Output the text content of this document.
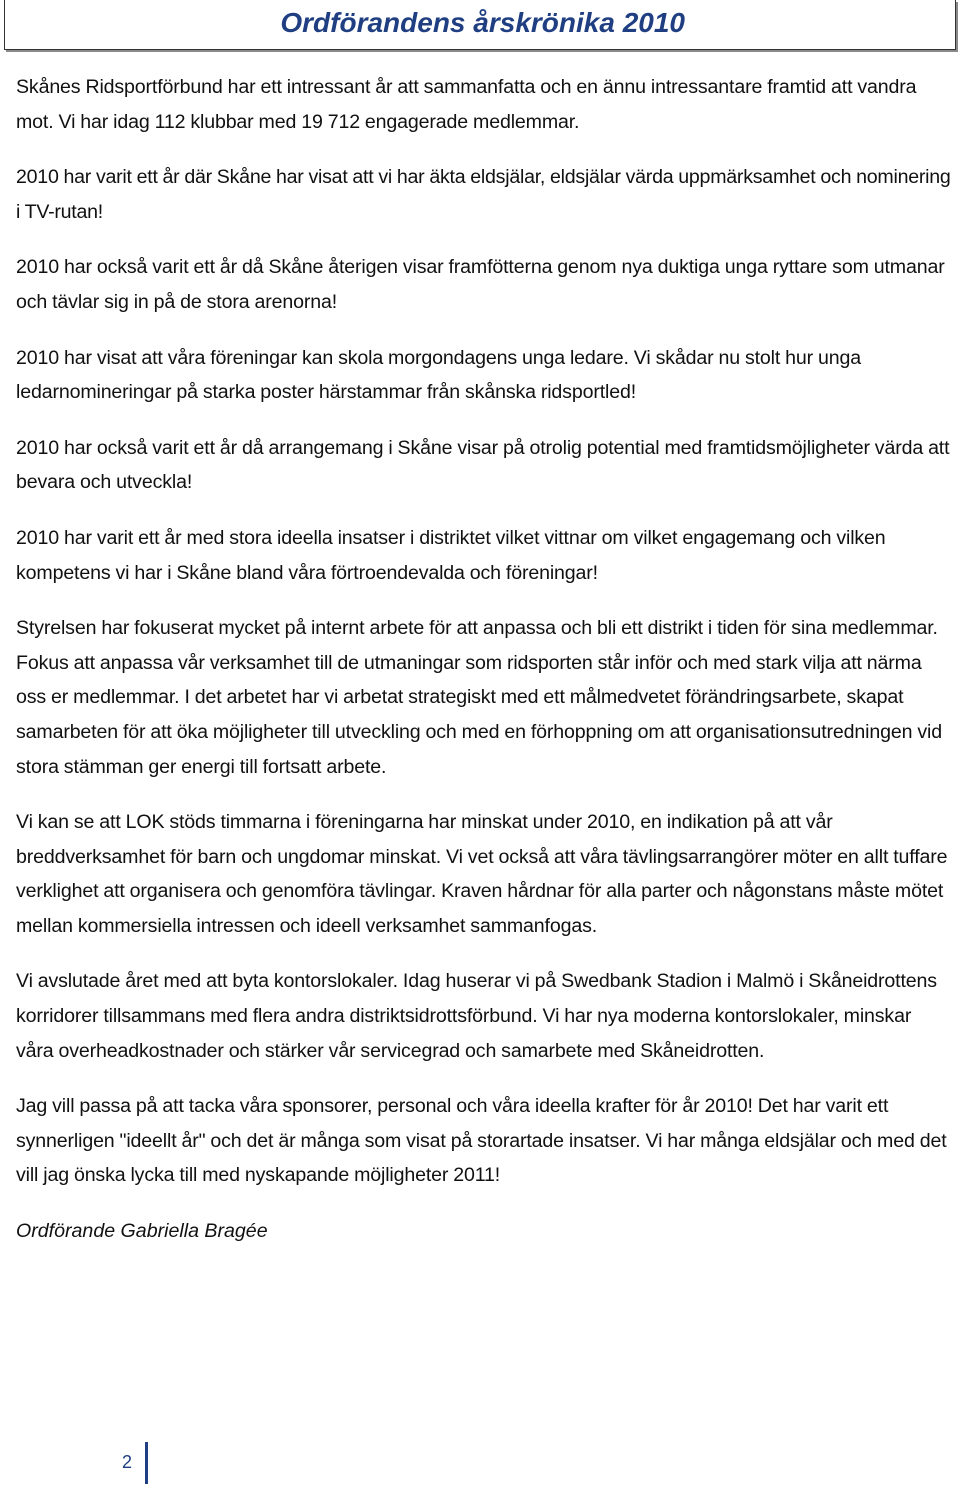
Ordförandens årskrönika 2010

Skånes Ridsportförbund har ett intressant år att sammanfatta och en ännu intressantare framtid att vandra mot. Vi har idag 112 klubbar med 19 712 engagerade medlemmar.

2010 har varit ett år där Skåne har visat att vi har äkta eldsjälar, eldsjälar värda uppmärksamhet och nominering i TV-rutan!

2010 har också varit ett år då Skåne återigen visar framfötterna genom nya duktiga unga ryttare som utmanar och tävlar sig in på de stora arenorna!

2010 har visat att våra föreningar kan skola morgondagens unga ledare. Vi skådar nu stolt hur unga ledarnomineringar på starka poster härstammar från skånska ridsportled!

2010 har också varit ett år då arrangemang i Skåne visar på otrolig potential med framtidsmöjligheter värda att bevara och utveckla!

2010 har varit ett år med stora ideella insatser i distriktet vilket vittnar om vilket engagemang och vilken kompetens vi har i Skåne bland våra förtroendevalda och föreningar!

Styrelsen har fokuserat mycket på internt arbete för att anpassa och bli ett distrikt i tiden för sina medlemmar. Fokus att anpassa vår verksamhet till de utmaningar som ridsporten står inför och med stark vilja att närma oss er medlemmar. I det arbetet har vi arbetat strategiskt med ett målmedvetet förändringsarbete, skapat samarbeten för att öka möjligheter till utveckling och med en förhoppning om att organisationsutredningen vid stora stämman ger energi till fortsatt arbete.

Vi kan se att LOK stöds timmarna i föreningarna har minskat under 2010, en indikation på att vår breddverksamhet för barn och ungdomar minskat. Vi vet också att våra tävlingsarrangörer möter en allt tuffare verklighet att organisera och genomföra tävlingar. Kraven hårdnar för alla parter och någonstans måste mötet mellan kommersiella intressen och ideell verksamhet sammanfogas.

Vi avslutade året med att byta kontorslokaler. Idag huserar vi på Swedbank Stadion i Malmö i Skåneidrottens korridorer tillsammans med flera andra distriktsidrottsförbund. Vi har nya moderna kontorslokaler, minskar våra overheadkostnader och stärker vår servicegrad och samarbete med Skåneidrotten.

Jag vill passa på att tacka våra sponsorer, personal och våra ideella krafter för år 2010! Det har varit ett synnerligen "ideellt år" och det är många som visat på storartade insatser. Vi har många eldsjälar och med det vill jag önska lycka till med nyskapande möjligheter 2011!

Ordförande Gabriella Bragée

2
